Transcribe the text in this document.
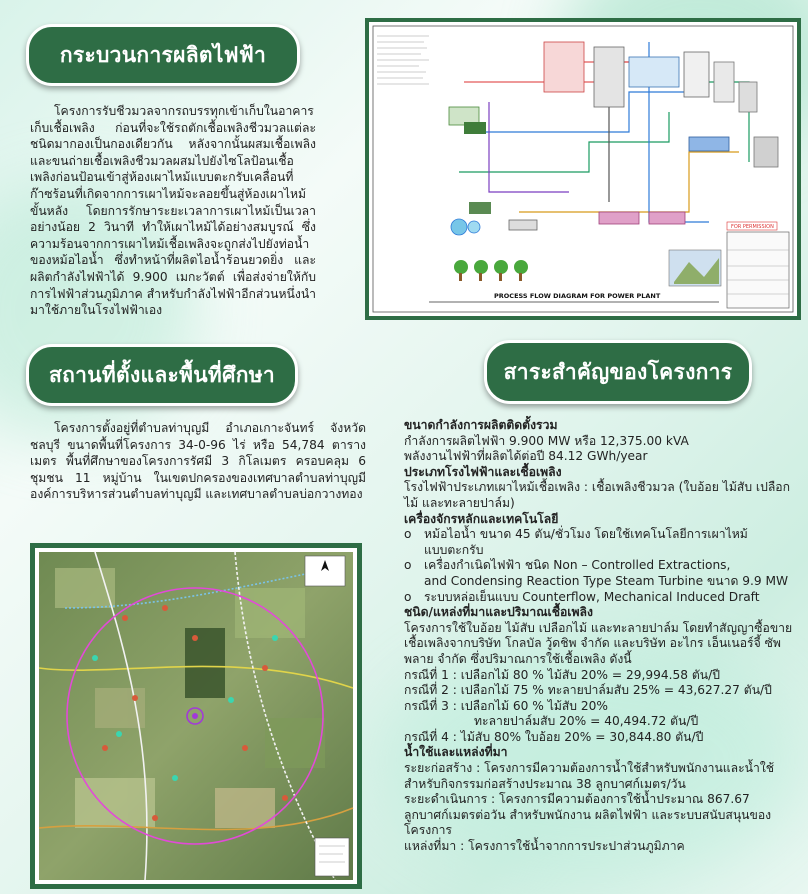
กระบวนการผลิตไฟฟ้า
โครงการรับชีวมวลจากรถบรรทุกเข้าเก็บในอาคารเก็บเชื้อเพลิง ก่อนที่จะใช้รถตักเชื้อเพลิงชีวมวลแต่ละชนิดมากองเป็นกองเดียวกัน หลังจากนั้นผสมเชื้อเพลิง และขนถ่ายเชื้อเพลิงชีวมวลผสมไปยังไซโลป้อนเชื้อเพลิงก่อนป้อนเข้าสู่ห้องเผาไหม้แบบตะกรับเคลื่อนที่ ก๊าซร้อนที่เกิดจากการเผาไหม้จะลอยขึ้นสู่ห้องเผาไหม้ขั้นหลัง โดยการรักษาระยะเวลาการเผาไหม้เป็นเวลาอย่างน้อย 2 วินาที ทำให้เผาไหม้ได้อย่างสมบูรณ์ ซึ่งความร้อนจากการเผาไหม้เชื้อเพลิงจะถูกส่งไปยังท่อน้ำของหม้อไอน้ำ ซึ่งทำหน้าที่ผลิตไอน้ำร้อนยวดยิ่ง และผลิตกำลังไฟฟ้าได้ 9.900 เมกะวัตต์ เพื่อส่งจ่ายให้กับการไฟฟ้าส่วนภูมิภาค สำหรับกำลังไฟฟ้าอีกส่วนหนึ่งนำมาใช้ภายในโรงไฟฟ้าเอง
FOR PERMISSION
PROCESS FLOW DIAGRAM FOR POWER PLANT
สถานที่ตั้งและพื้นที่ศึกษา	สาระสำคัญของโครงการ
โครงการตั้งอยู่ที่ตำบลท่าบุญมี อำเภอเกาะจันทร์ จังหวัดชลบุรี ขนาดพื้นที่โครงการ 34-0-96 ไร่ หรือ 54,784 ตารางเมตร พื้นที่ศึกษาของโครงการรัศมี 3 กิโลเมตร ครอบคลุม 6 ชุมชน 11 หมู่บ้าน ในเขตปกครองของเทศบาลตำบลท่าบุญมี องค์การบริหารส่วนตำบลท่าบุญมี และเทศบาลตำบลบ่อกวางทอง
ขนาดกำลังการผลิตติดตั้งรวม
กำลังการผลิตไฟฟ้า 9.900 MW หรือ 12,375.00 kVA
พลังงานไฟฟ้าที่ผลิตได้ต่อปี 84.12 GWh/year
ประเภทโรงไฟฟ้าและเชื้อเพลิง
โรงไฟฟ้าประเภทเผาไหม้เชื้อเพลิง : เชื้อเพลิงชีวมวล (ใบอ้อย ไม้สับ เปลือก
ไม้ และทะลายปาล์ม)
เครื่องจักรหลักและเทคโนโลยี
o	หม้อไอน้ำ ขนาด 45 ตัน/ชั่วโมง โดยใช้เทคโนโลยีการเผาไหม้
แบบตะกรับ
o	เครื่องกำเนิดไฟฟ้า ชนิด Non – Controlled Extractions,
and Condensing Reaction Type Steam Turbine ขนาด 9.9 MW
o	ระบบหล่อเย็นแบบ Counterflow, Mechanical Induced Draft
ชนิด/แหล่งที่มาและปริมาณเชื้อเพลิง
โครงการใช้ใบอ้อย ไม้สับ เปลือกไม้ และทะลายปาล์ม โดยทำสัญญาซื้อขาย
เชื้อเพลิงจากบริษัท โกลบัล วู้ดชิพ จำกัด และบริษัท อะไกร เอ็นเนอร์จี้ ซัพ
พลาย จำกัด ซึ่งปริมาณการใช้เชื้อเพลิง ดังนี้
กรณีที่ 1 : เปลือกไม้ 80 % ไม้สับ 20% = 29,994.58 ตัน/ปี
กรณีที่ 2 : เปลือกไม้ 75 % ทะลายปาล์มสับ 25% = 43,627.27 ตัน/ปี
กรณีที่ 3 : เปลือกไม้ 60 % ไม้สับ 20%
ทะลายปาล์มสับ 20% = 40,494.72 ตัน/ปี
กรณีที่ 4 : ไม้สับ 80% ใบอ้อย 20% = 30,844.80 ตัน/ปี
น้ำใช้และแหล่งที่มา
ระยะก่อสร้าง : โครงการมีความต้องการน้ำใช้สำหรับพนักงานและน้ำใช้
สำหรับกิจกรรมก่อสร้างประมาณ 38 ลูกบาศก์เมตร/วัน
ระยะดำเนินการ : โครงการมีความต้องการใช้น้ำประมาณ 867.67
ลูกบาศก์เมตรต่อวัน สำหรับพนักงาน ผลิตไฟฟ้า และระบบสนับสนุนของ
โครงการ
แหล่งที่มา : โครงการใช้น้ำจากการประปาส่วนภูมิภาค
